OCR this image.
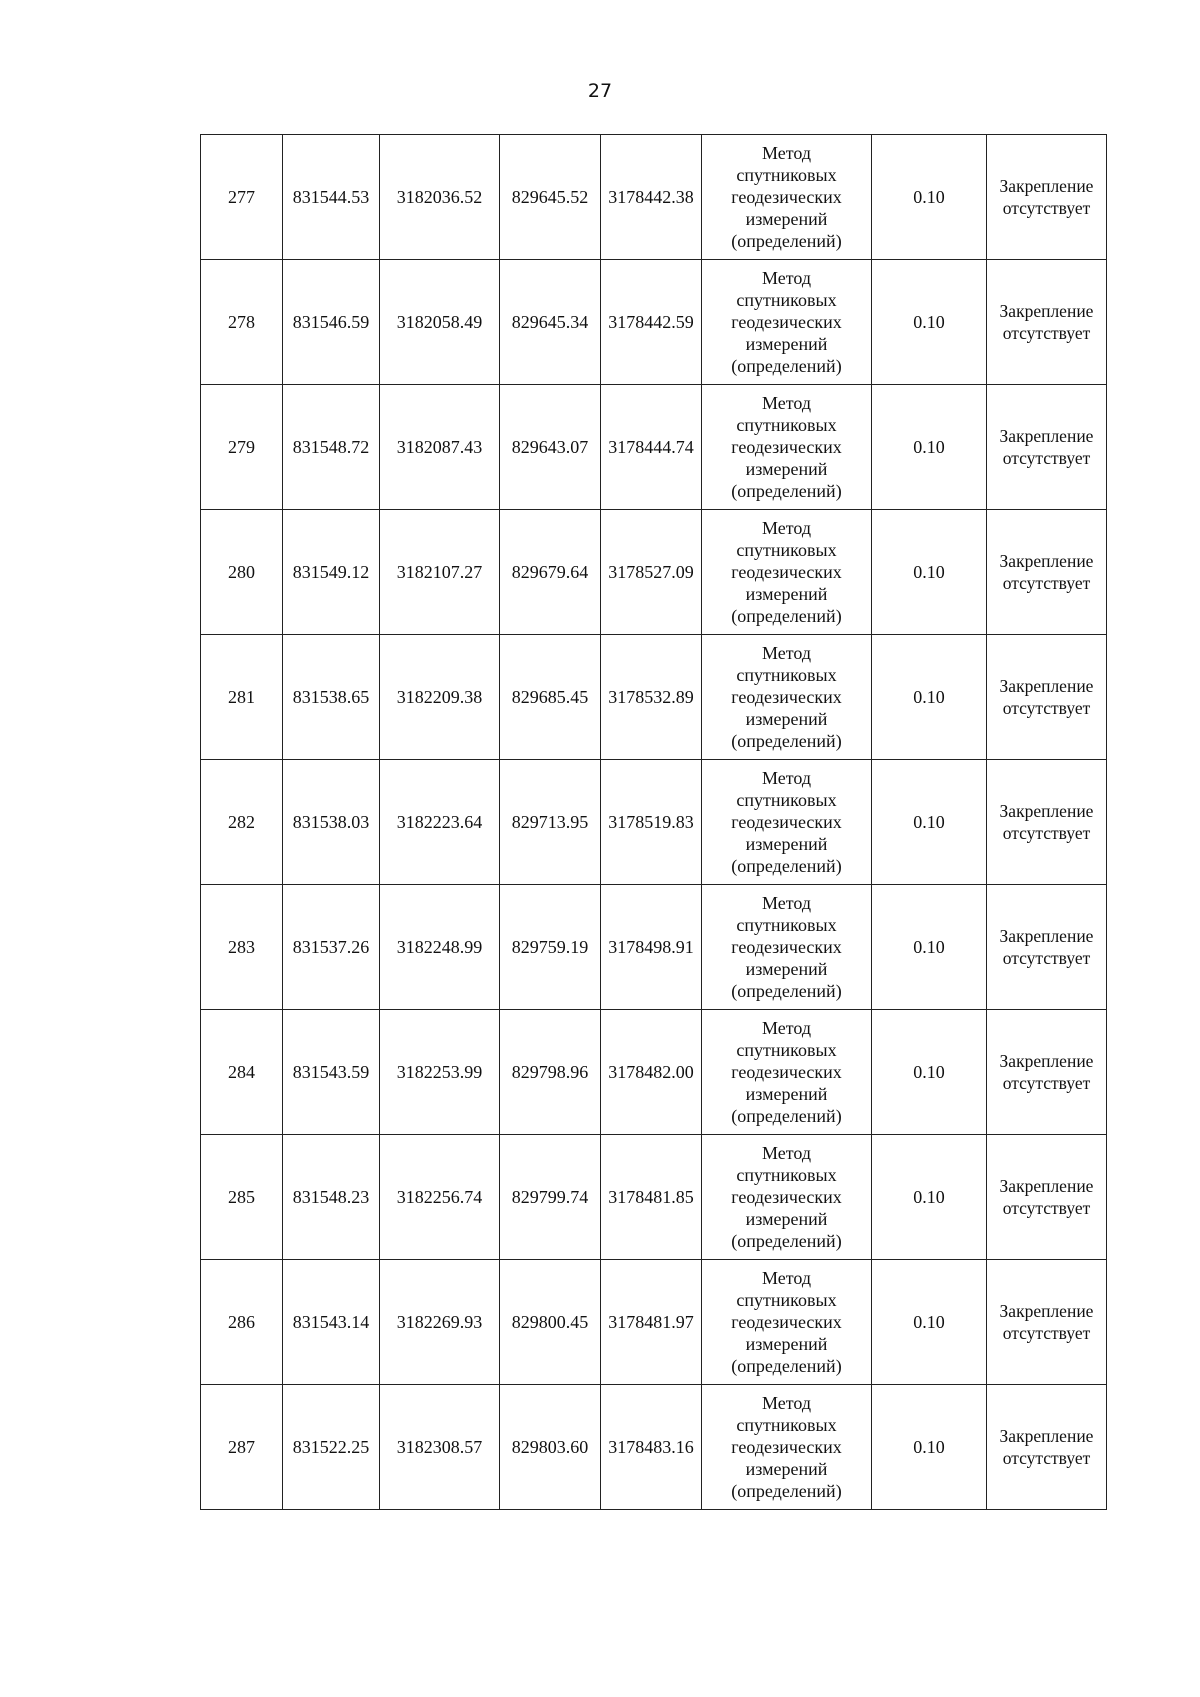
27
277	831544.53	3182036.52	829645.52	3178442.38	Метод
спутниковых
геодезических
измерений
(определений)	0.10	Закрепление
отсутствует

278	831546.59	3182058.49	829645.34	3178442.59	Метод
спутниковых
геодезических
измерений
(определений)	0.10	Закрепление
отсутствует

279	831548.72	3182087.43	829643.07	3178444.74	Метод
спутниковых
геодезических
измерений
(определений)	0.10	Закрепление
отсутствует

280	831549.12	3182107.27	829679.64	3178527.09	Метод
спутниковых
геодезических
измерений
(определений)	0.10	Закрепление
отсутствует

281	831538.65	3182209.38	829685.45	3178532.89	Метод
спутниковых
геодезических
измерений
(определений)	0.10	Закрепление
отсутствует

282	831538.03	3182223.64	829713.95	3178519.83	Метод
спутниковых
геодезических
измерений
(определений)	0.10	Закрепление
отсутствует

283	831537.26	3182248.99	829759.19	3178498.91	Метод
спутниковых
геодезических
измерений
(определений)	0.10	Закрепление
отсутствует

284	831543.59	3182253.99	829798.96	3178482.00	Метод
спутниковых
геодезических
измерений
(определений)	0.10	Закрепление
отсутствует

285	831548.23	3182256.74	829799.74	3178481.85	Метод
спутниковых
геодезических
измерений
(определений)	0.10	Закрепление
отсутствует

286	831543.14	3182269.93	829800.45	3178481.97	Метод
спутниковых
геодезических
измерений
(определений)	0.10	Закрепление
отсутствует

287	831522.25	3182308.57	829803.60	3178483.16	Метод
спутниковых
геодезических
измерений
(определений)	0.10	Закрепление
отсутствует
